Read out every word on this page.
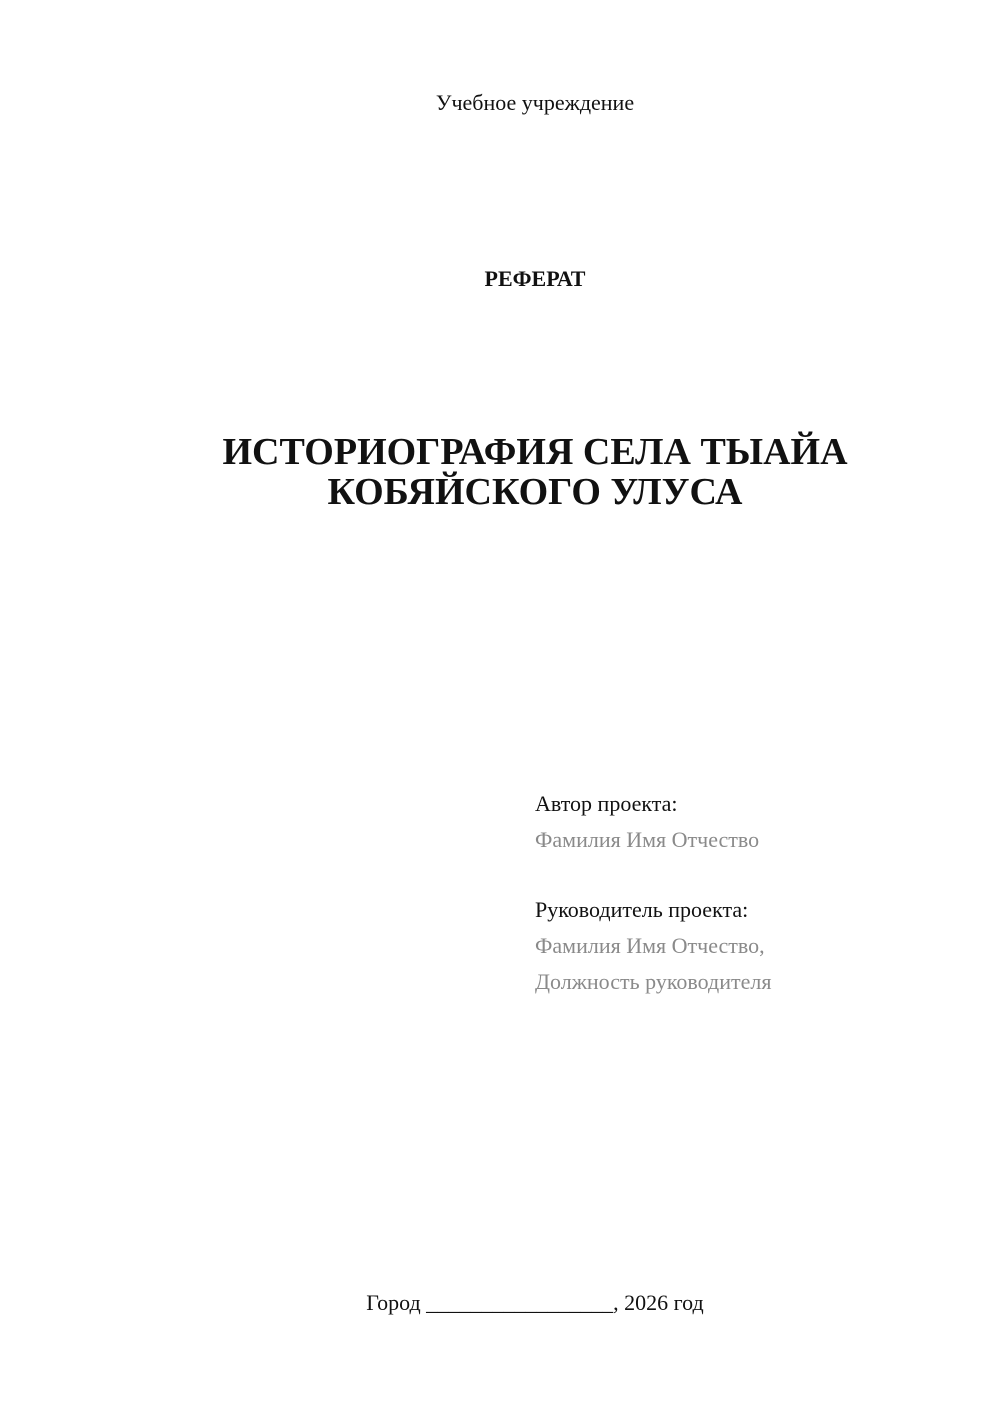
Учебное учреждение
РЕФЕРАТ
ИСТОРИОГРАФИЯ СЕЛА ТЫАЙА
КОБЯЙСКОГО УЛУСА
Автор проекта:
Фамилия Имя Отчество
Руководитель проекта:
Фамилия Имя Отчество,
Должность руководителя
Город _________________, 2026 год
